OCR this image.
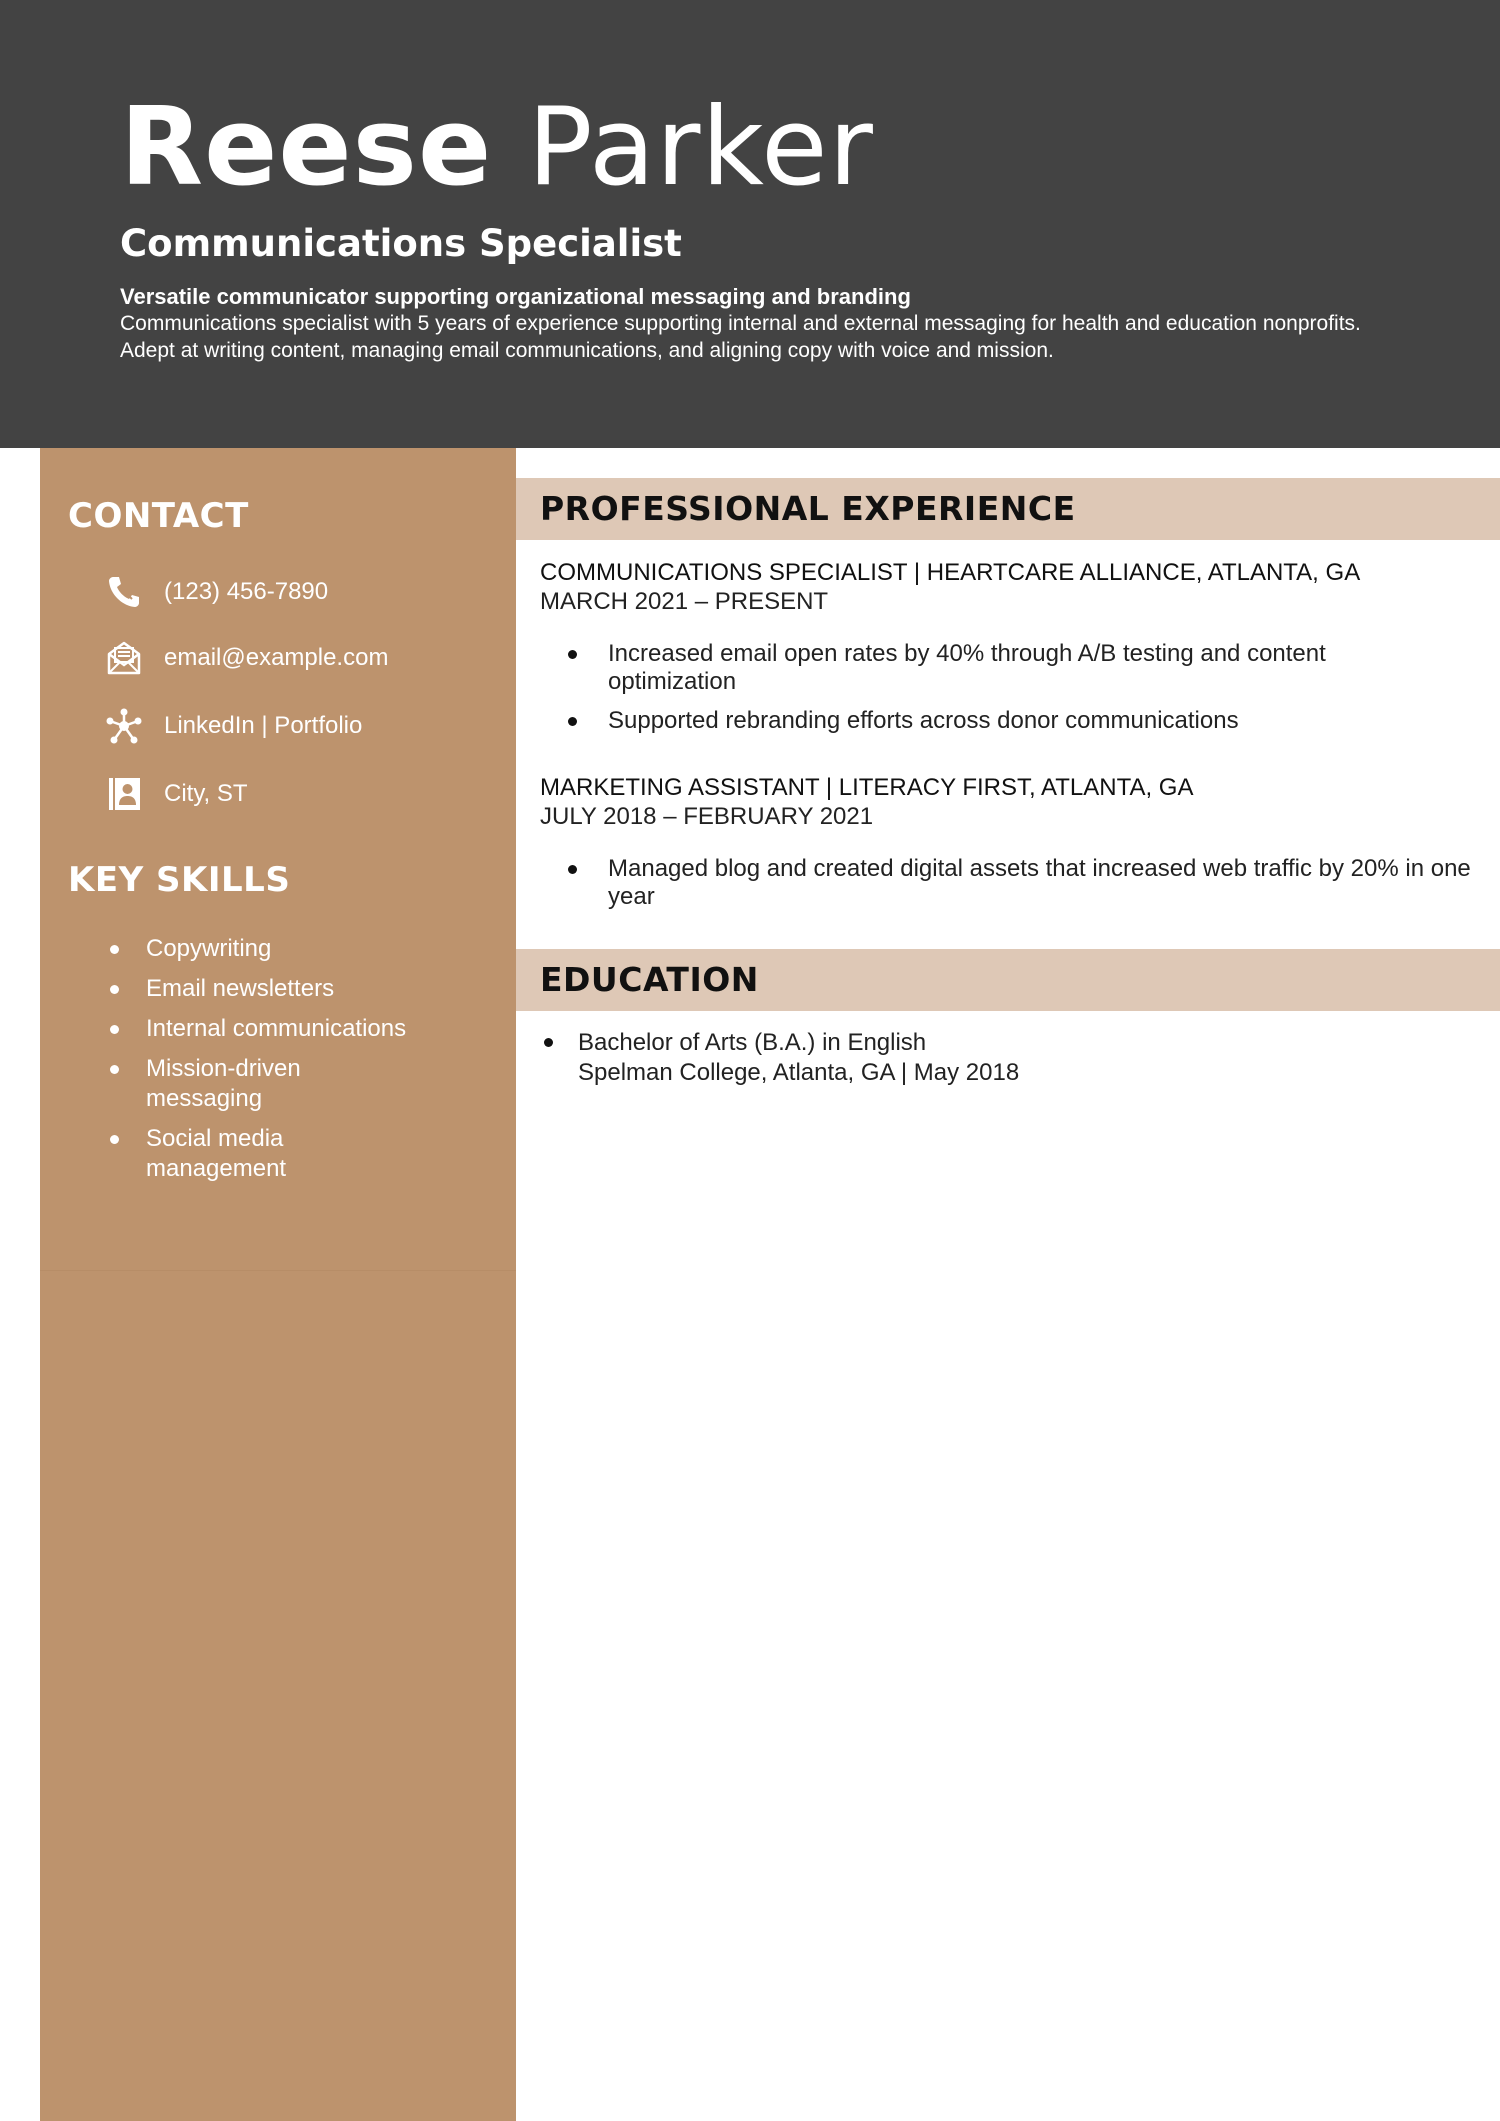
Reese Parker
Communications Specialist
Versatile communicator supporting organizational messaging and branding
Communications specialist with 5 years of experience supporting internal and external messaging for health and education nonprofits. Adept at writing content, managing email communications, and aligning copy with voice and mission.
CONTACT
(123) 456-7890
email@example.com
LinkedIn | Portfolio
City, ST
KEY SKILLS
Copywriting
Email newsletters
Internal communications
Mission-driven messaging
Social media management
PROFESSIONAL EXPERIENCE
COMMUNICATIONS SPECIALIST | HEARTCARE ALLIANCE, ATLANTA, GA
MARCH 2021 – PRESENT
Increased email open rates by 40% through A/B testing and content optimization
Supported rebranding efforts across donor communications
MARKETING ASSISTANT | LITERACY FIRST, ATLANTA, GA
JULY 2018 – FEBRUARY 2021
Managed blog and created digital assets that increased web traffic by 20% in one year
EDUCATION
Bachelor of Arts (B.A.) in English
Spelman College, Atlanta, GA | May 2018
